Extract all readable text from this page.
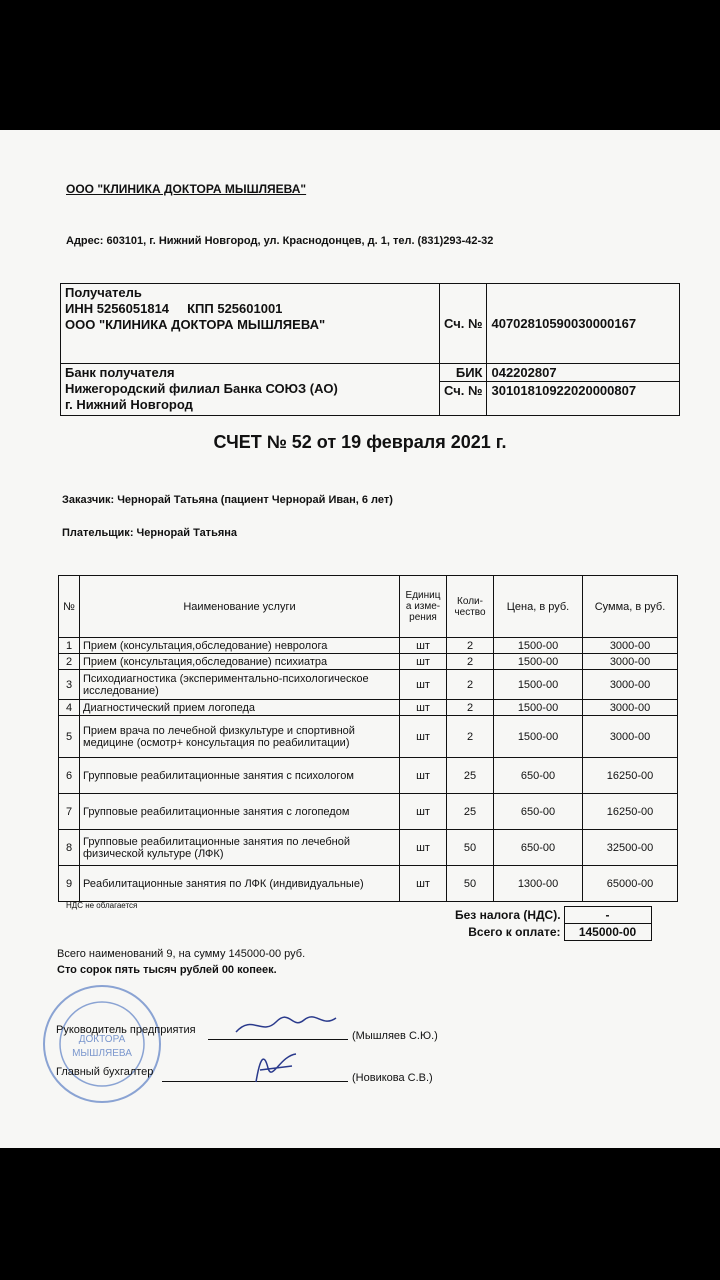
ООО "КЛИНИКА ДОКТОРА МЫШЛЯЕВА"
Адрес: 603101, г. Нижний Новгород, ул. Краснодонцев, д. 1, тел. (831)293-42-32
Получатель
ИНН 5256051814 КПП 525601001
ООО "КЛИНИКА ДОКТОРА МЫШЛЯЕВА"	Сч. №	40702810590030000167

Банк получателя
Нижегородский филиал Банка СОЮЗ (АО)
г. Нижний Новгород	БИК	042202807
	Сч. №	30101810922020000807
СЧЕТ № 52 от 19 февраля 2021 г.
Заказчик: Чернорай Татьяна (пациент Чернорай Иван, 6 лет)
Плательщик: Чернорай Татьяна
№	Наименование услуги	Единиц а изме- рения	Коли- чество	Цена, в руб.	Сумма, в руб.
1	Прием (консультация,обследование) невролога	шт	2	1500-00	3000-00
2	Прием (консультация,обследование) психиатра	шт	2	1500-00	3000-00
3	Психодиагностика (экспериментально-психологическое исследование)	шт	2	1500-00	3000-00
4	Диагностический прием логопеда	шт	2	1500-00	3000-00
5	Прием врача по лечебной физкультуре и спортивной медицине (осмотр+ консультация по реабилитации)	шт	2	1500-00	3000-00
6	Групповые реабилитационные занятия с психологом	шт	25	650-00	16250-00
7	Групповые реабилитационные занятия с логопедом	шт	25	650-00	16250-00
8	Групповые реабилитационные занятия по лечебной физической культуре (ЛФК)	шт	50	650-00	32500-00
9	Реабилитационные занятия по ЛФК (индивидуальные)	шт	50	1300-00	65000-00
НДС не облагается
Без налога (НДС).	-
Всего к оплате:	145000-00
Всего наименований 9, на сумму 145000-00 руб.
Сто сорок пять тысяч рублей 00 копеек.
ДОКТОРА
МЫШЛЯЕВА
Руководитель предприятия	(Мышляев С.Ю.)
Главный бухгалтер	(Новикова С.В.)
